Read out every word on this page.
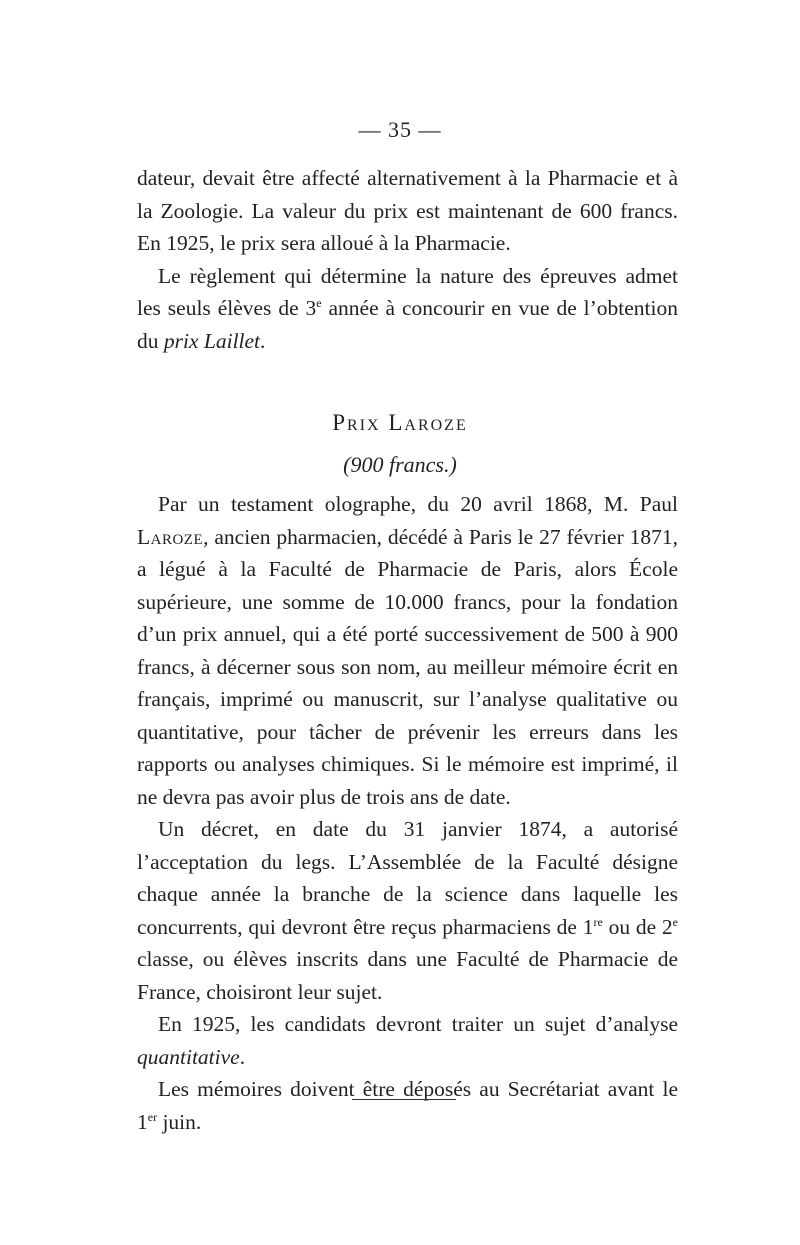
— 35 —

dateur, devait être affecté alternativement à la Pharmacie et à la Zoologie. La valeur du prix est maintenant de 600 francs. En 1925, le prix sera alloué à la Pharmacie.

Le règlement qui détermine la nature des épreuves admet les seuls élèves de 3e année à concourir en vue de l’obtention du prix Laillet.

Prix Laroze
(900 francs.)

Par un testament olographe, du 20 avril 1868, M. Paul Laroze, ancien pharmacien, décédé à Paris le 27 février 1871, a légué à la Faculté de Pharmacie de Paris, alors École supérieure, une somme de 10.000 francs, pour la fondation d’un prix annuel, qui a été porté successivement de 500 à 900 francs, à décerner sous son nom, au meilleur mémoire écrit en français, imprimé ou manuscrit, sur l’analyse qualitative ou quantitative, pour tâcher de prévenir les erreurs dans les rapports ou analyses chimiques. Si le mémoire est imprimé, il ne devra pas avoir plus de trois ans de date.

Un décret, en date du 31 janvier 1874, a autorisé l’acceptation du legs. L’Assemblée de la Faculté désigne chaque année la branche de la science dans laquelle les concurrents, qui devront être reçus pharmaciens de 1re ou de 2e classe, ou élèves inscrits dans une Faculté de Pharmacie de France, choisiront leur sujet.

En 1925, les candidats devront traiter un sujet d’analyse quantitative.

Les mémoires doivent être déposés au Secrétariat avant le 1er juin.
